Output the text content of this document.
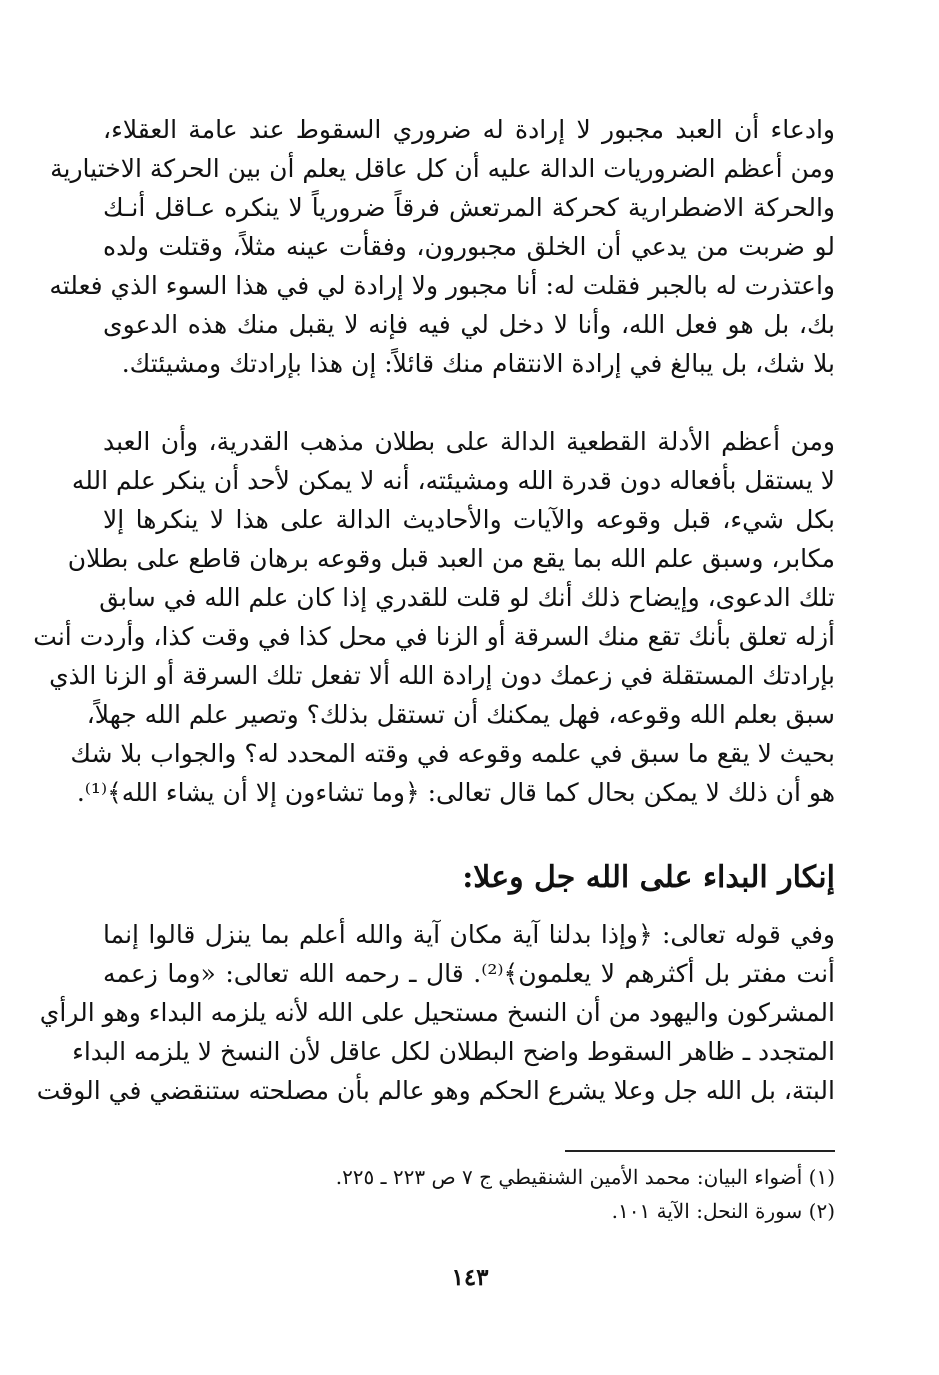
وادعاء أن العبد مجبور لا إرادة له ضروري السقوط عند عامة العقلاء،
ومن أعظم الضروريات الدالة عليه أن كل عاقل يعلم أن بين الحركة الاختيارية
والحركة الاضطرارية كحركة المرتعش فرقاً ضرورياً لا ينكره عـاقل أنـك
لو ضربت من يدعي أن الخلق مجبورون، وفقأت عينه مثلاً، وقتلت ولده
واعتذرت له بالجبر فقلت له: أنا مجبور ولا إرادة لي في هذا السوء الذي فعلته
بك، بل هو فعل الله، وأنا لا دخل لي فيه فإنه لا يقبل منك هذه الدعوى
بلا شك، بل يبالغ في إرادة الانتقام منك قائلاً: إن هذا بإرادتك ومشيئتك.
ومن أعظم الأدلة القطعية الدالة على بطلان مذهب القدرية، وأن العبد
لا يستقل بأفعاله دون قدرة الله ومشيئته، أنه لا يمكن لأحد أن ينكر علم الله
بكل شيء، قبل وقوعه والآيات والأحاديث الدالة على هذا لا ينكرها إلا
مكابر، وسبق علم الله بما يقع من العبد قبل وقوعه برهان قاطع على بطلان
تلك الدعوى، وإيضاح ذلك أنك لو قلت للقدري إذا كان علم الله في سابق
أزله تعلق بأنك تقع منك السرقة أو الزنا في محل كذا في وقت كذا، وأردت أنت
بإرادتك المستقلة في زعمك دون إرادة الله ألا تفعل تلك السرقة أو الزنا الذي
سبق بعلم الله وقوعه، فهل يمكنك أن تستقل بذلك؟ وتصير علم الله جهلاً،
بحيث لا يقع ما سبق في علمه وقوعه في وقته المحدد له؟ والجواب بلا شك
هو أن ذلك لا يمكن بحال كما قال تعالى: ﴿وما تشاءون إلا أن يشاء الله﴾⁽¹⁾.
إنكار البداء على الله جل وعلا:
وفي قوله تعالى: ﴿وإذا بدلنا آية مكان آية والله أعلم بما ينزل قالوا إنما
أنت مفتر بل أكثرهم لا يعلمون﴾⁽²⁾. قال ـ رحمه الله تعالى: «وما زعمه
المشركون واليهود من أن النسخ مستحيل على الله لأنه يلزمه البداء وهو الرأي
المتجدد ـ ظاهر السقوط واضح البطلان لكل عاقل لأن النسخ لا يلزمه البداء
البتة، بل الله جل وعلا يشرع الحكم وهو عالم بأن مصلحته ستنقضي في الوقت
(١) أضواء البيان: محمد الأمين الشنقيطي ج ٧ ص ٢٢٣ ـ ٢٢٥.
(٢) سورة النحل: الآية ١٠١.
١٤٣
